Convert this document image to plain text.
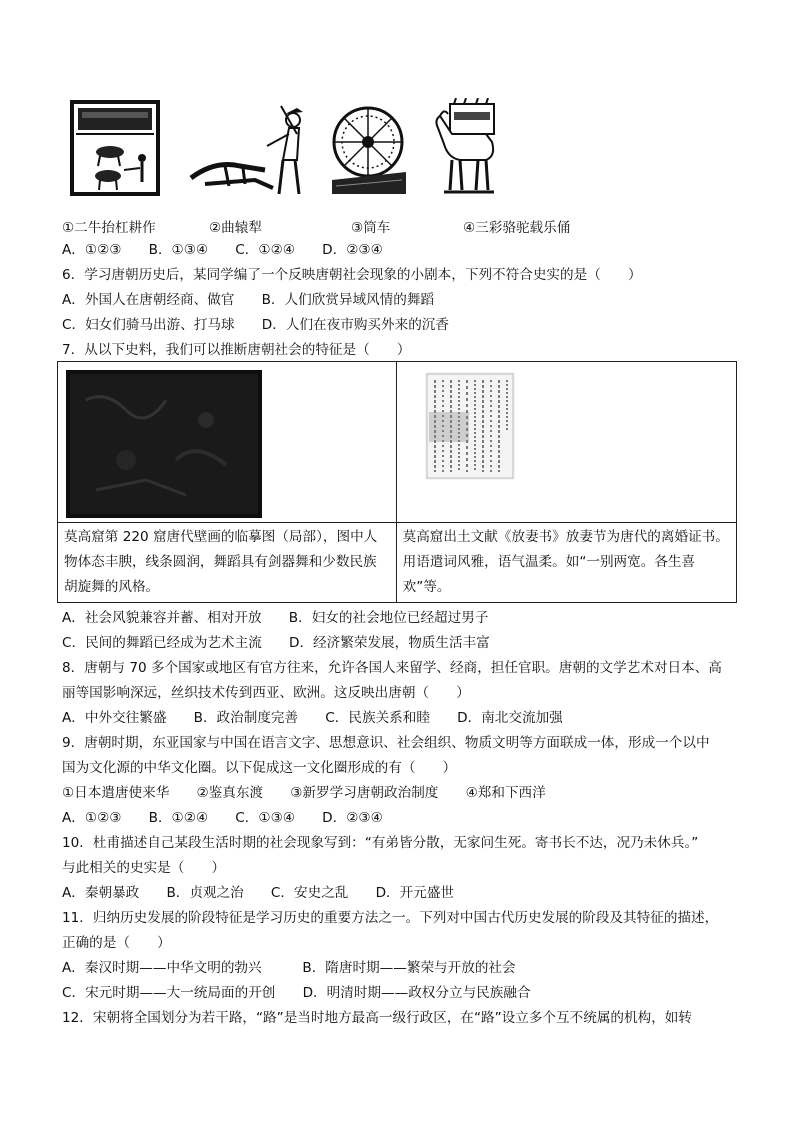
①二牛抬杠耕作	②曲辕犁	③筒车	④三彩骆驼载乐俑
A．①②③　　B．①③④　　C．①②④　　D．②③④
6．学习唐朝历史后，某同学编了一个反映唐朝社会现象的小剧本，下列不符合史实的是（　　）
A．外国人在唐朝经商、做官　　B．人们欣赏异域风情的舞蹈
C．妇女们骑马出游、打马球　　D．人们在夜市购买外来的沉香
7．从以下史料，我们可以推断唐朝社会的特征是（　　）

莫高窟第 220 窟唐代壁画的临摹图（局部），图中人物体态丰腴，线条圆润，舞蹈具有剑器舞和少数民族胡旋舞的风格。	莫高窟出土文献《放妻书》放妻节为唐代的离婚证书。用语遣词风雅，语气温柔。如“一别两宽。各生喜欢”等。
A．社会风貌兼容并蓄、相对开放　　B．妇女的社会地位已经超过男子
C．民间的舞蹈已经成为艺术主流　　D．经济繁荣发展，物质生活丰富
8．唐朝与 70 多个国家或地区有官方往来，允许各国人来留学、经商，担任官职。唐朝的文学艺术对日本、高
丽等国影响深远，丝织技术传到西亚、欧洲。这反映出唐朝（　　）
A．中外交往繁盛　　B．政治制度完善　　C．民族关系和睦　　D．南北交流加强
9．唐朝时期，东亚国家与中国在语言文字、思想意识、社会组织、物质文明等方面联成一体，形成一个以中
国为文化源的中华文化圈。以下促成这一文化圈形成的有（　　）
①日本遣唐使来华　　②鉴真东渡　　③新罗学习唐朝政治制度　　④郑和下西洋
A．①②③　　B．①②④　　C．①③④　　D．②③④
10．杜甫描述自己某段生活时期的社会现象写到：“有弟皆分散，无家问生死。寄书长不达，况乃未休兵。”
与此相关的史实是（　　）
A．秦朝暴政　　B．贞观之治　　C．安史之乱　　D．开元盛世
11．归纳历史发展的阶段特征是学习历史的重要方法之一。下列对中国古代历史发展的阶段及其特征的描述，
正确的是（　　）
A．秦汉时期——中华文明的勃兴　　　B．隋唐时期——繁荣与开放的社会
C．宋元时期——大一统局面的开创　　D．明清时期——政权分立与民族融合
12．宋朝将全国划分为若干路，“路”是当时地方最高一级行政区，在“路”设立多个互不统属的机构，如转
